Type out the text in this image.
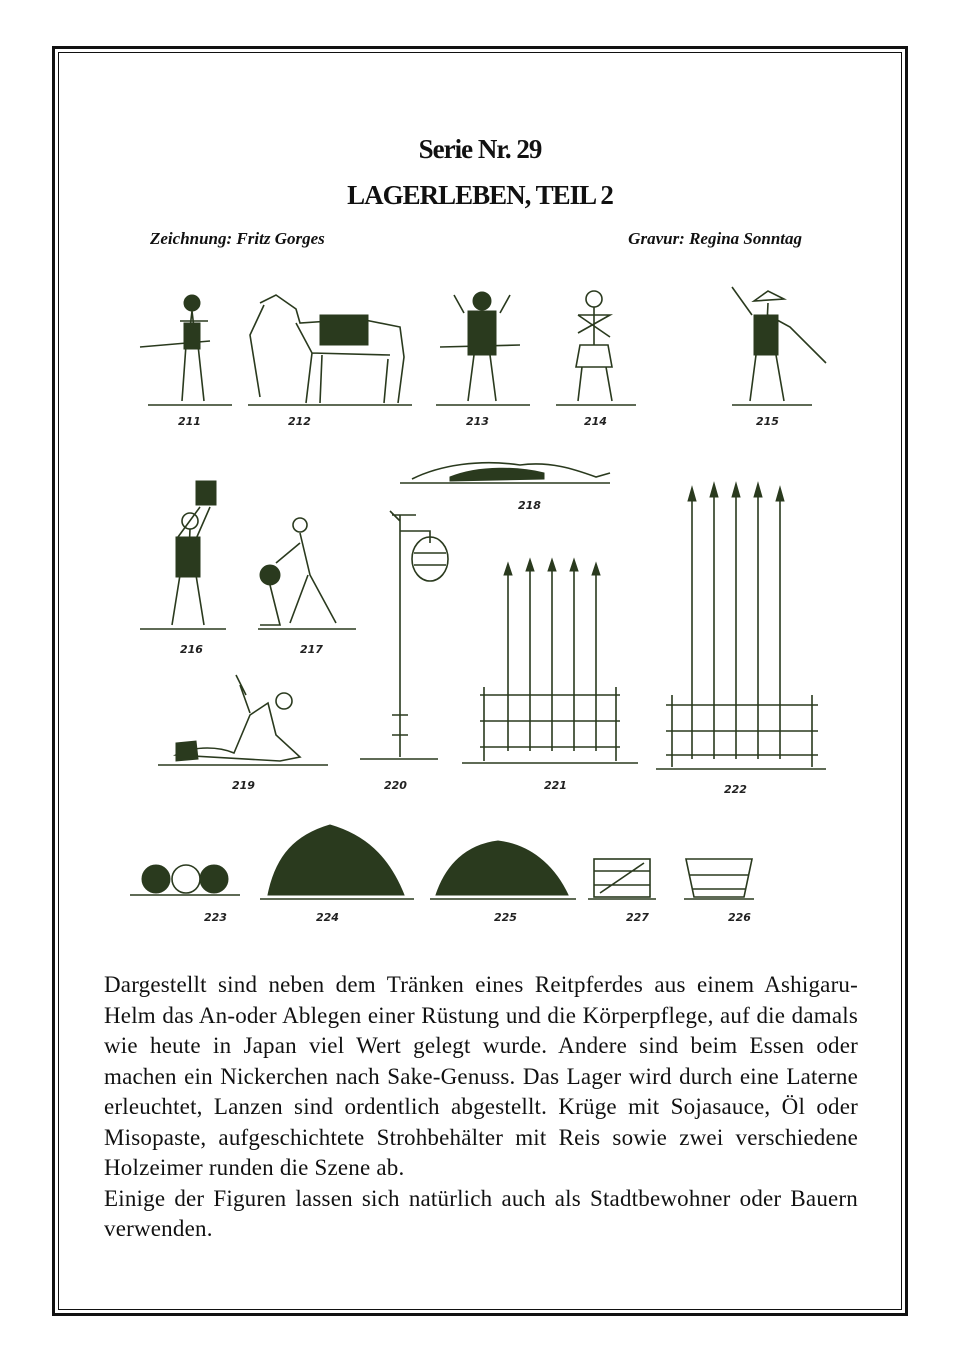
Serie Nr. 29
LAGERLEBEN, TEIL 2
Zeichnung: Fritz Gorges	Gravur: Regina Sonntag
211	212	213	214	215
218
216	217
219	220	221	222
223	224	225	227	226

Dargestellt sind neben dem Tränken eines Reitpferdes aus einem Ashigaru-Helm das An-oder Ablegen einer Rüstung und die Körperpflege, auf die damals wie heute in Japan viel Wert gelegt wurde. Andere sind beim Essen oder machen ein Nickerchen nach Sake-Genuss. Das Lager wird durch eine Laterne erleuchtet, Lanzen sind ordentlich abgestellt. Krüge mit Sojasauce, Öl oder Misopaste, aufgeschichtete Strohbehälter mit Reis sowie zwei verschiedene Holzeimer runden die Szene ab.

Einige der Figuren lassen sich natürlich auch als Stadtbewohner oder Bauern verwenden.
